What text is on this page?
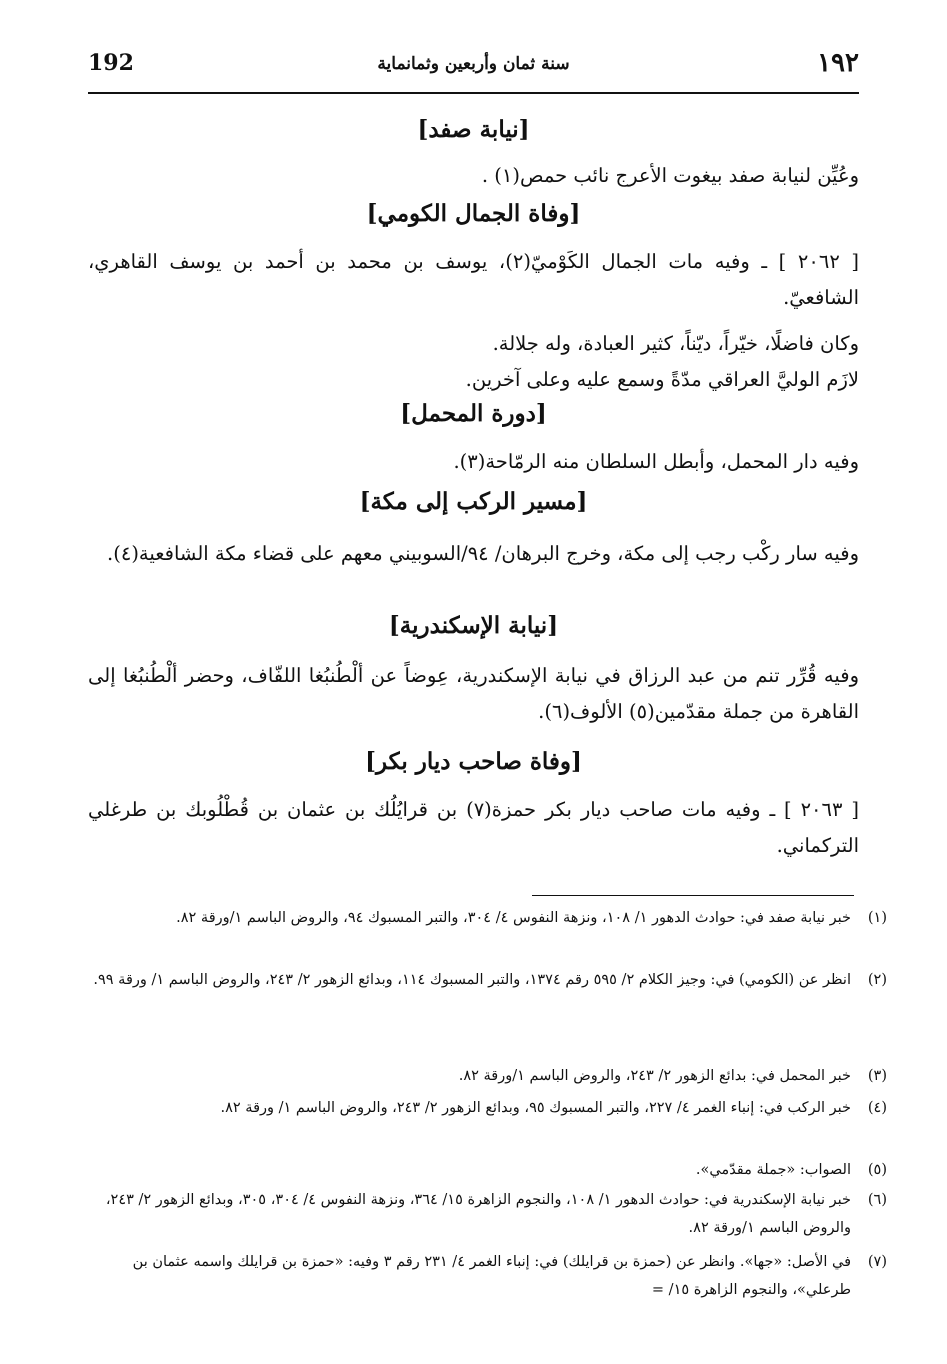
192	سنة ثمان وأربعين وثمانماية	١٩٢
[نيابة صفد]
وعُيِّن لنيابة صفد بيغوت الأعرج نائب حمص(١) .
[وفاة الجمال الكومي]
[ ٢٠٦٢ ] ـ وفيه مات الجمال الكَوْميّ(٢)، يوسف بن محمد بن أحمد بن يوسف القاهري، الشافعيّ.
وكان فاضلًا، خيّراً، ديّناً، كثير العبادة، وله جلالة.
لازَم الوليَّ العراقي مدّةً وسمع عليه وعلى آخرين.
[دورة المحمل]
وفيه دار المحمل، وأبطل السلطان منه الرمّاحة(٣).
[مسير الركب إلى مكة]
وفيه سار ركْب رجب إلى مكة، وخرج البرهان/ ٩٤/السوبيني معهم على قضاء مكة الشافعية(٤).
[نيابة الإسكندرية]
وفيه قُرِّر تنم من عبد الرزاق في نيابة الإسكندرية، عِوضاً عن ألْطُنبُغا اللفّاف، وحضر ألْطُنبُغا إلى القاهرة من جملة مقدّمين(٥) الألوف(٦).
[وفاة صاحب ديار بكر]
[ ٢٠٦٣ ] ـ وفيه مات صاحب ديار بكر حمزة(٧) بن قرايُلُك بن عثمان بن قُطْلُوبك بن طرغلي التركماني.
(١)
خبر نيابة صفد في: حوادث الدهور ١/ ١٠٨، ونزهة النفوس ٤/ ٣٠٤، والتبر المسبوك ٩٤، والروض الباسم ١/ورقة ٨٢.
(٢)
انظر عن (الكومي) في: وجيز الكلام ٢/ ٥٩٥ رقم ١٣٧٤، والتبر المسبوك ١١٤، وبدائع الزهور ٢/ ٢٤٣، والروض الباسم ١/ ورقة ٩٩.
(٣)
خبر المحمل في: بدائع الزهور ٢/ ٢٤٣، والروض الباسم ١/ورقة ٨٢.
(٤)
خبر الركب في: إنباء الغمر ٤/ ٢٢٧، والتبر المسبوك ٩٥، وبدائع الزهور ٢/ ٢٤٣، والروض الباسم ١/ ورقة ٨٢.
(٥)
الصواب: «جملة مقدّمي».
(٦)
خبر نيابة الإسكندرية في: حوادث الدهور ١/ ١٠٨، والنجوم الزاهرة ١٥/ ٣٦٤، ونزهة النفوس ٤/ ٣٠٤، ٣٠٥، وبدائع الزهور ٢/ ٢٤٣، والروض الباسم ١/ورقة ٨٢.
(٧)
في الأصل: «جها». وانظر عن (حمزة بن قرايلك) في: إنباء الغمر ٤/ ٢٣١ رقم ٣ وفيه: «حمزة بن قرايلك واسمه عثمان بن طرعلي»، والنجوم الزاهرة ١٥/ =
